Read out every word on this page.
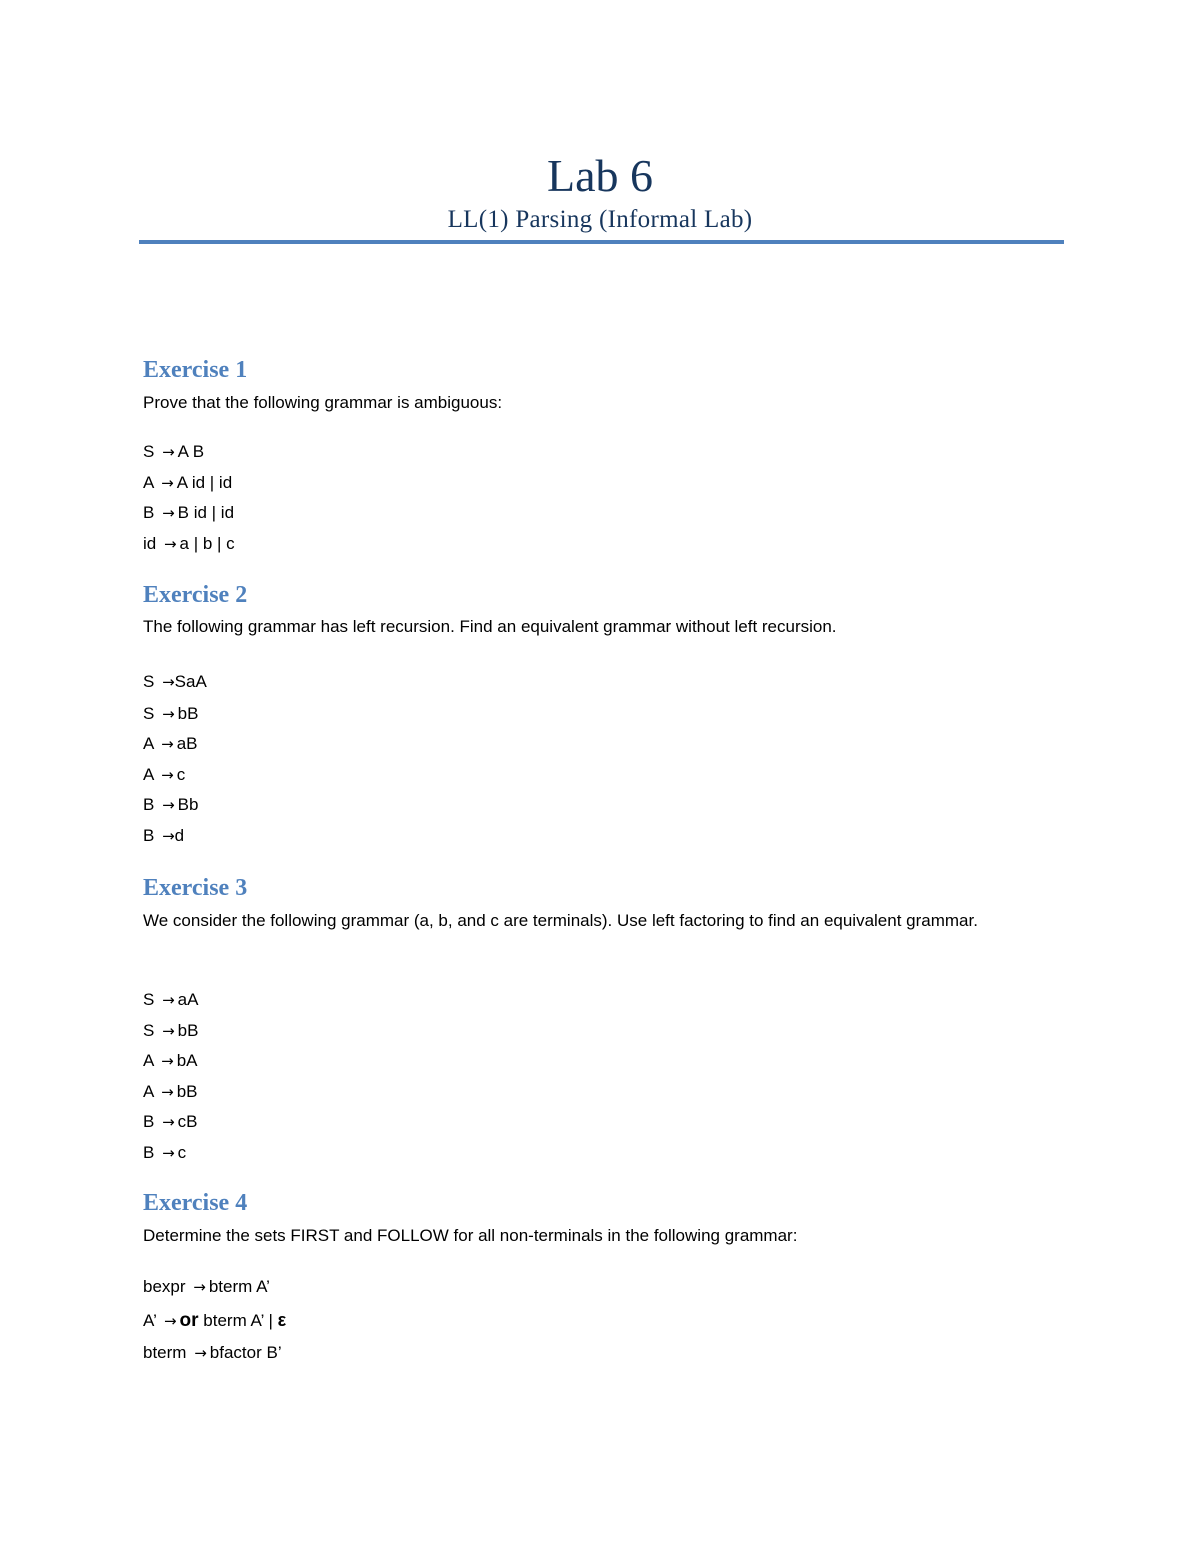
Lab 6
LL(1) Parsing (Informal Lab)
Exercise 1
Prove that the following grammar is ambiguous:
S → A B
A → A id | id
B → B id | id
id → a | b | c
Exercise 2
The following grammar has left recursion. Find an equivalent grammar without left recursion.
S →SaA
S → bB
A → aB
A → c
B → Bb
B →d
Exercise 3
We consider the following grammar (a, b, and c are terminals). Use left factoring to find an equivalent grammar.
S → aA
S → bB
A → bA
A → bB
B → cB
B → c
Exercise 4
Determine the sets FIRST and FOLLOW for all non-terminals in the following grammar:
bexpr → bterm A’
A’ → or bterm A’ | ε
bterm → bfactor B’
